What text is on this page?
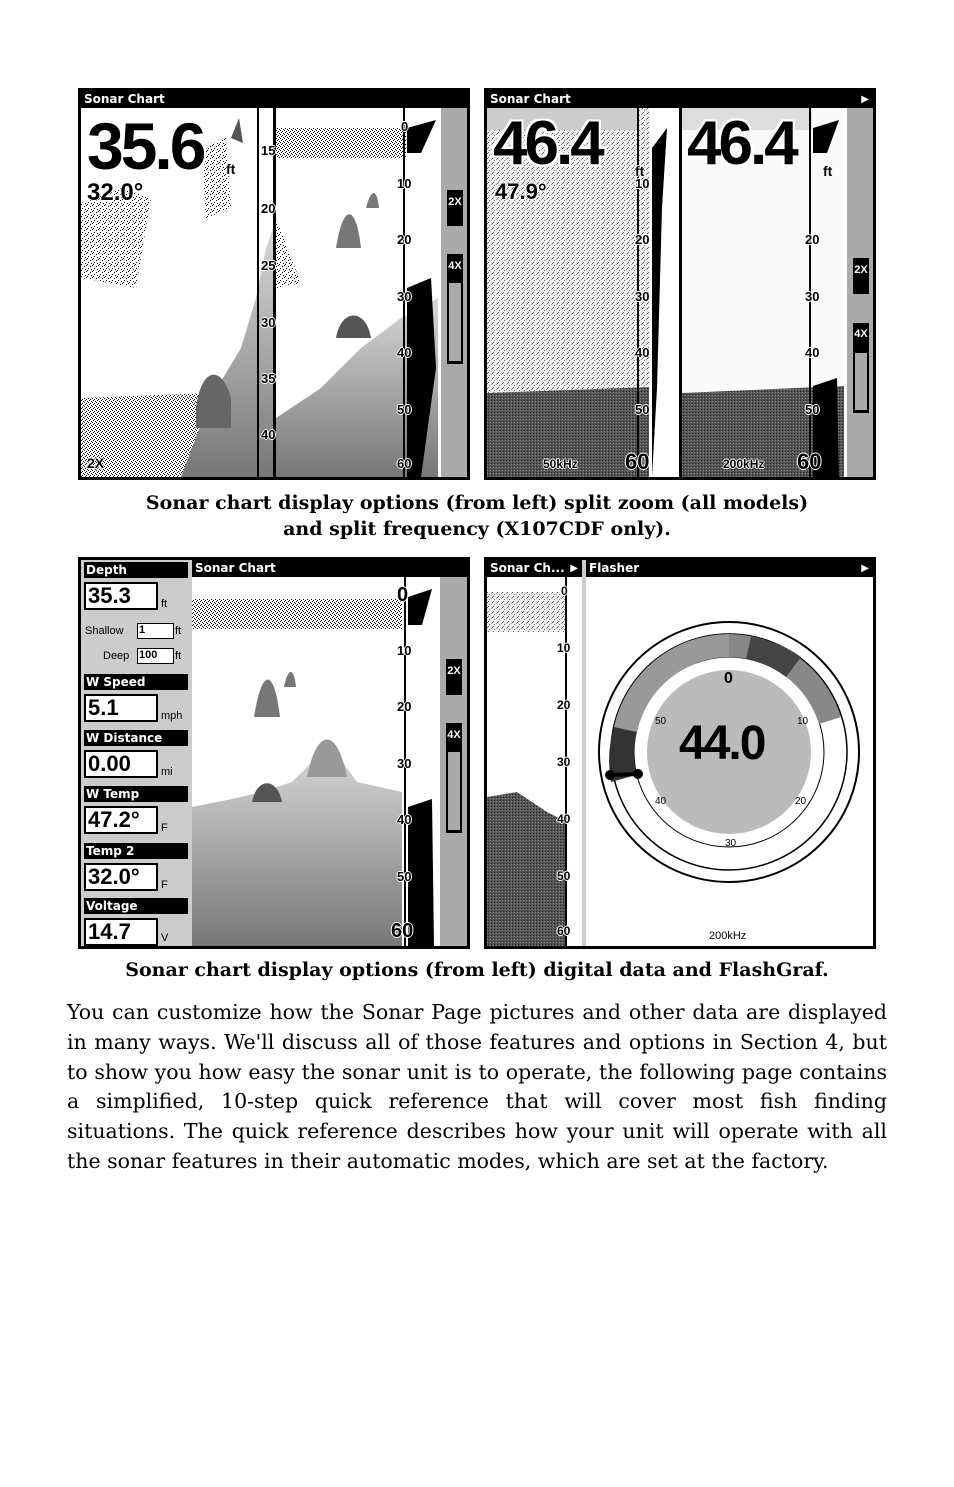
Sonar Chart
35.6 ft
32.0°
2X
15
20
25
30
35
40
0
10
20
30
40
50
60
2X
4X
Sonar Chart	▶
46.4 ft 46.4 ft
47.9°
50kHz	200kHz
60	60
10
20
30
40
50
20
30
40
50
2X
4X
Sonar chart display options (from left) split zoom (all models)
and split frequency (X107CDF only).
Depth
35.3	ft
Shallow 1	ft
Deep 100	ft
W Speed
5.1	mph
W Distance
0.00	mi
W Temp
47.2°	F
Temp 2
32.0°	F
Voltage
14.7	V
Sonar Chart
0
10
20
30
40
50
60
2X
4X
Sonar Ch... ▶ Flasher	▶
0
10
20
30
40
50
60
44.0
0
10
20
30
40
50
200kHz
Sonar chart display options (from left) digital data and FlashGraf.
You can customize how the Sonar Page pictures and other data are displayed in many ways. We'll discuss all of those features and options in Section 4, but to show you how easy the sonar unit is to operate, the following page contains a simplified, 10-step quick reference that will cover most fish finding situations. The quick reference describes how your unit will operate with all the sonar features in their automatic modes, which are set at the factory.
